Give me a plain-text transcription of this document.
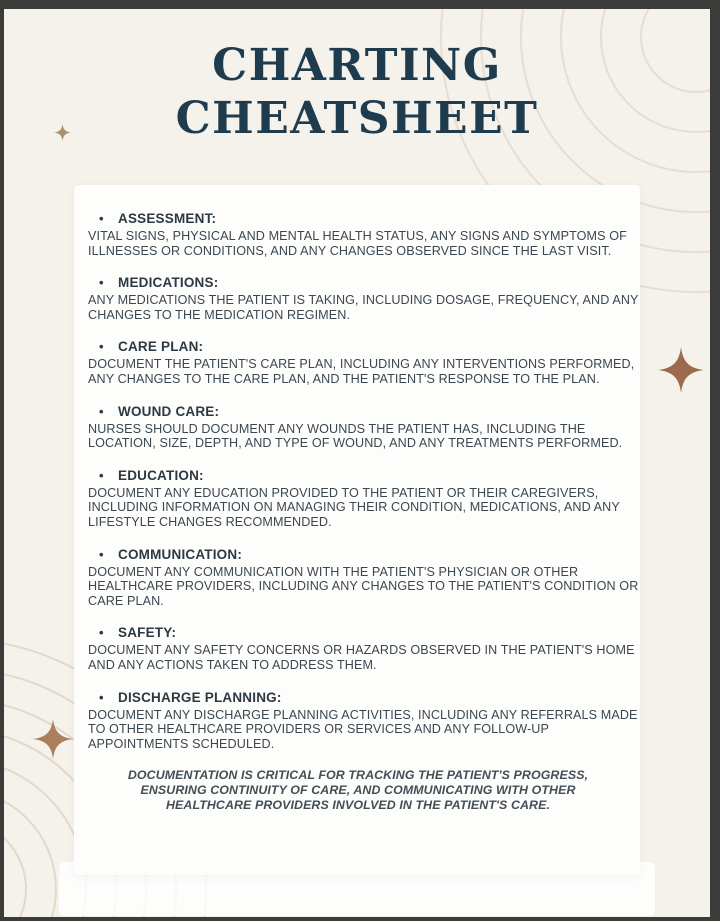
CHARTING
CHEATSHEET
•	ASSESSMENT:
VITAL SIGNS, PHYSICAL AND MENTAL HEALTH STATUS, ANY SIGNS AND SYMPTOMS OF ILLNESSES OR CONDITIONS, AND ANY CHANGES OBSERVED SINCE THE LAST VISIT.
•	MEDICATIONS:
ANY MEDICATIONS THE PATIENT IS TAKING, INCLUDING DOSAGE, FREQUENCY, AND ANY CHANGES TO THE MEDICATION REGIMEN.
•	CARE PLAN:
DOCUMENT THE PATIENT'S CARE PLAN, INCLUDING ANY INTERVENTIONS PERFORMED, ANY CHANGES TO THE CARE PLAN, AND THE PATIENT'S RESPONSE TO THE PLAN.
•	WOUND CARE:
NURSES SHOULD DOCUMENT ANY WOUNDS THE PATIENT HAS, INCLUDING THE LOCATION, SIZE, DEPTH, AND TYPE OF WOUND, AND ANY TREATMENTS PERFORMED.
•	EDUCATION:
DOCUMENT ANY EDUCATION PROVIDED TO THE PATIENT OR THEIR CAREGIVERS, INCLUDING INFORMATION ON MANAGING THEIR CONDITION, MEDICATIONS, AND ANY LIFESTYLE CHANGES RECOMMENDED.
•	COMMUNICATION:
DOCUMENT ANY COMMUNICATION WITH THE PATIENT'S PHYSICIAN OR OTHER HEALTHCARE PROVIDERS, INCLUDING ANY CHANGES TO THE PATIENT'S CONDITION OR CARE PLAN.
•	SAFETY:
DOCUMENT ANY SAFETY CONCERNS OR HAZARDS OBSERVED IN THE PATIENT'S HOME AND ANY ACTIONS TAKEN TO ADDRESS THEM.
•	DISCHARGE PLANNING:
DOCUMENT ANY DISCHARGE PLANNING ACTIVITIES, INCLUDING ANY REFERRALS MADE TO OTHER HEALTHCARE PROVIDERS OR SERVICES AND ANY FOLLOW-UP APPOINTMENTS SCHEDULED.
DOCUMENTATION IS CRITICAL FOR TRACKING THE PATIENT'S PROGRESS, ENSURING CONTINUITY OF CARE, AND COMMUNICATING WITH OTHER HEALTHCARE PROVIDERS INVOLVED IN THE PATIENT'S CARE.
